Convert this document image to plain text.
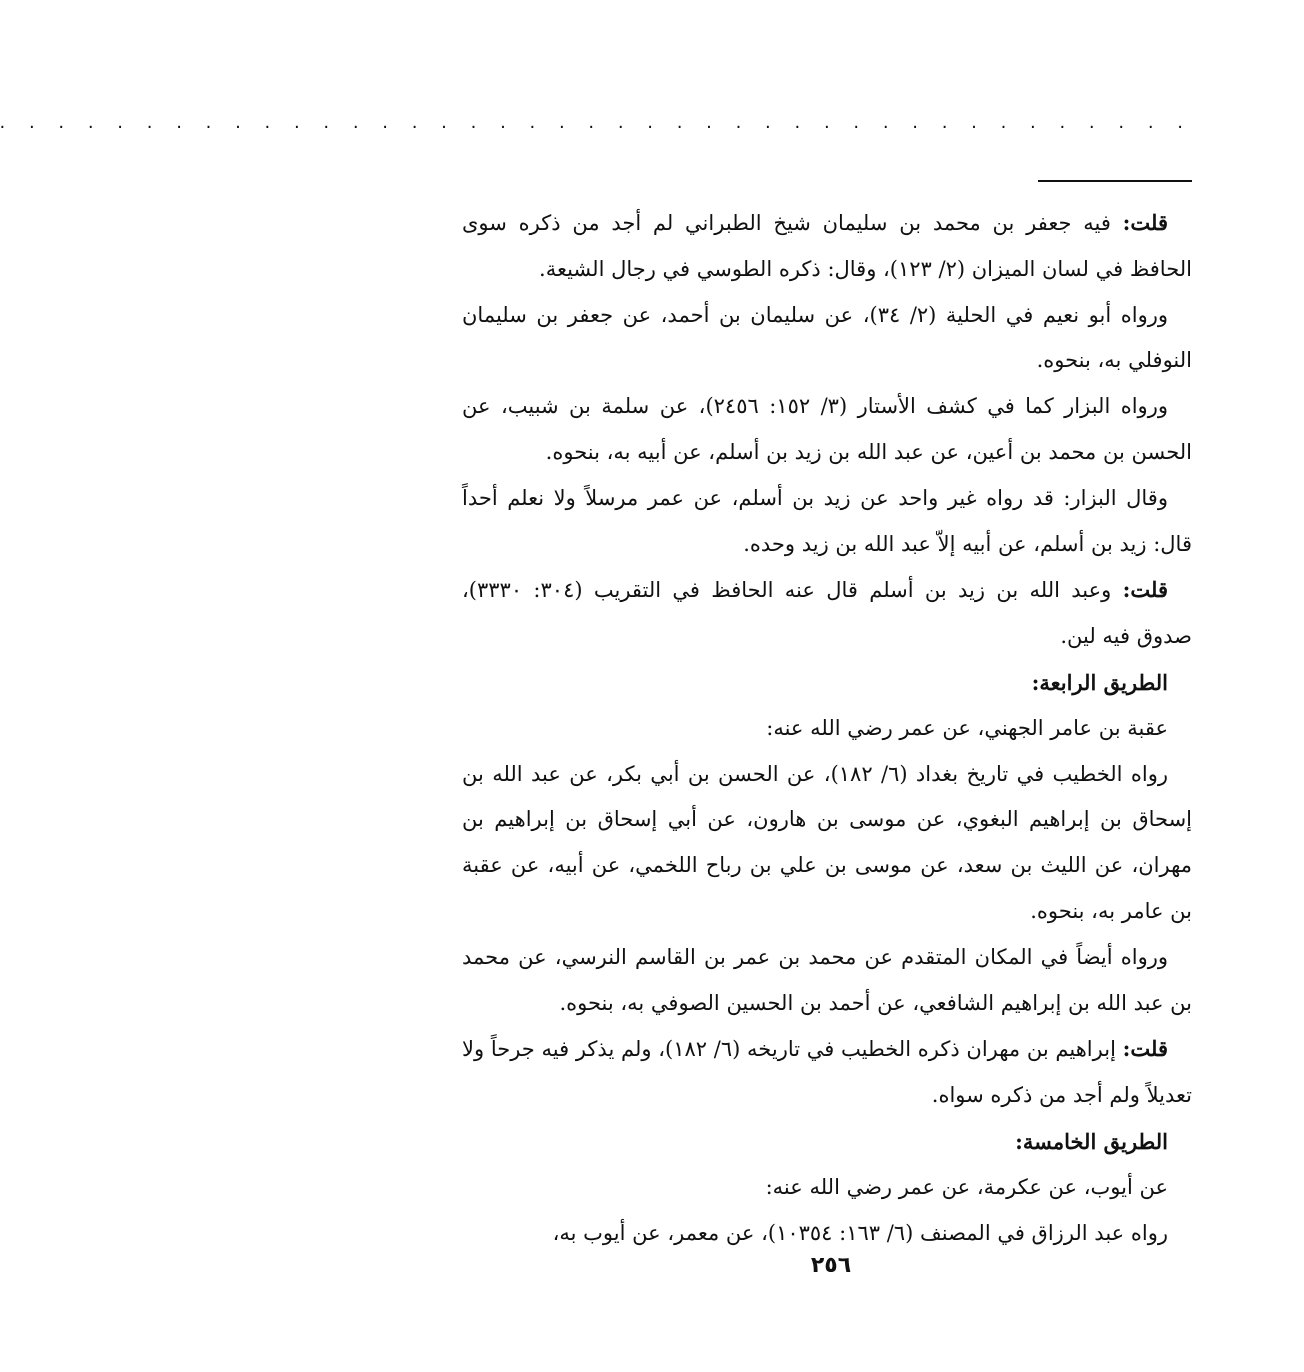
. . . . . . . . . . . . . . . . . . . . . . . . . . . . . . . . . . . . . . . . .

قلت: فيه جعفر بن محمد بن سليمان شيخ الطبراني لم أجد من ذكره سوى الحافظ في لسان الميزان (٢/ ١٢٣)، وقال: ذكره الطوسي في رجال الشيعة.

ورواه أبو نعيم في الحلية (٢/ ٣٤)، عن سليمان بن أحمد، عن جعفر بن سليمان النوفلي به، بنحوه.

ورواه البزار كما في كشف الأستار (٣/ ١٥٢: ٢٤٥٦)، عن سلمة بن شبيب، عن الحسن بن محمد بن أعين، عن عبد الله بن زيد بن أسلم، عن أبيه به، بنحوه.

وقال البزار: قد رواه غير واحد عن زيد بن أسلم، عن عمر مرسلاً ولا نعلم أحداً قال: زيد بن أسلم، عن أبيه إلاّ عبد الله بن زيد وحده.

قلت: وعبد الله بن زيد بن أسلم قال عنه الحافظ في التقريب (٣٠٤: ٣٣٣٠)، صدوق فيه لين.

الطريق الرابعة:

عقبة بن عامر الجهني، عن عمر رضي الله عنه:

رواه الخطيب في تاريخ بغداد (٦/ ١٨٢)، عن الحسن بن أبي بكر، عن عبد الله بن إسحاق بن إبراهيم البغوي، عن موسى بن هارون، عن أبي إسحاق بن إبراهيم بن مهران، عن الليث بن سعد، عن موسى بن علي بن رباح اللخمي، عن أبيه، عن عقبة بن عامر به، بنحوه.

ورواه أيضاً في المكان المتقدم عن محمد بن عمر بن القاسم النرسي، عن محمد بن عبد الله بن إبراهيم الشافعي، عن أحمد بن الحسين الصوفي به، بنحوه.

قلت: إبراهيم بن مهران ذكره الخطيب في تاريخه (٦/ ١٨٢)، ولم يذكر فيه جرحاً ولا تعديلاً ولم أجد من ذكره سواه.

الطريق الخامسة:

عن أيوب، عن عكرمة، عن عمر رضي الله عنه:

رواه عبد الرزاق في المصنف (٦/ ١٦٣: ١٠٣٥٤)، عن معمر، عن أيوب به،

٢٥٦
